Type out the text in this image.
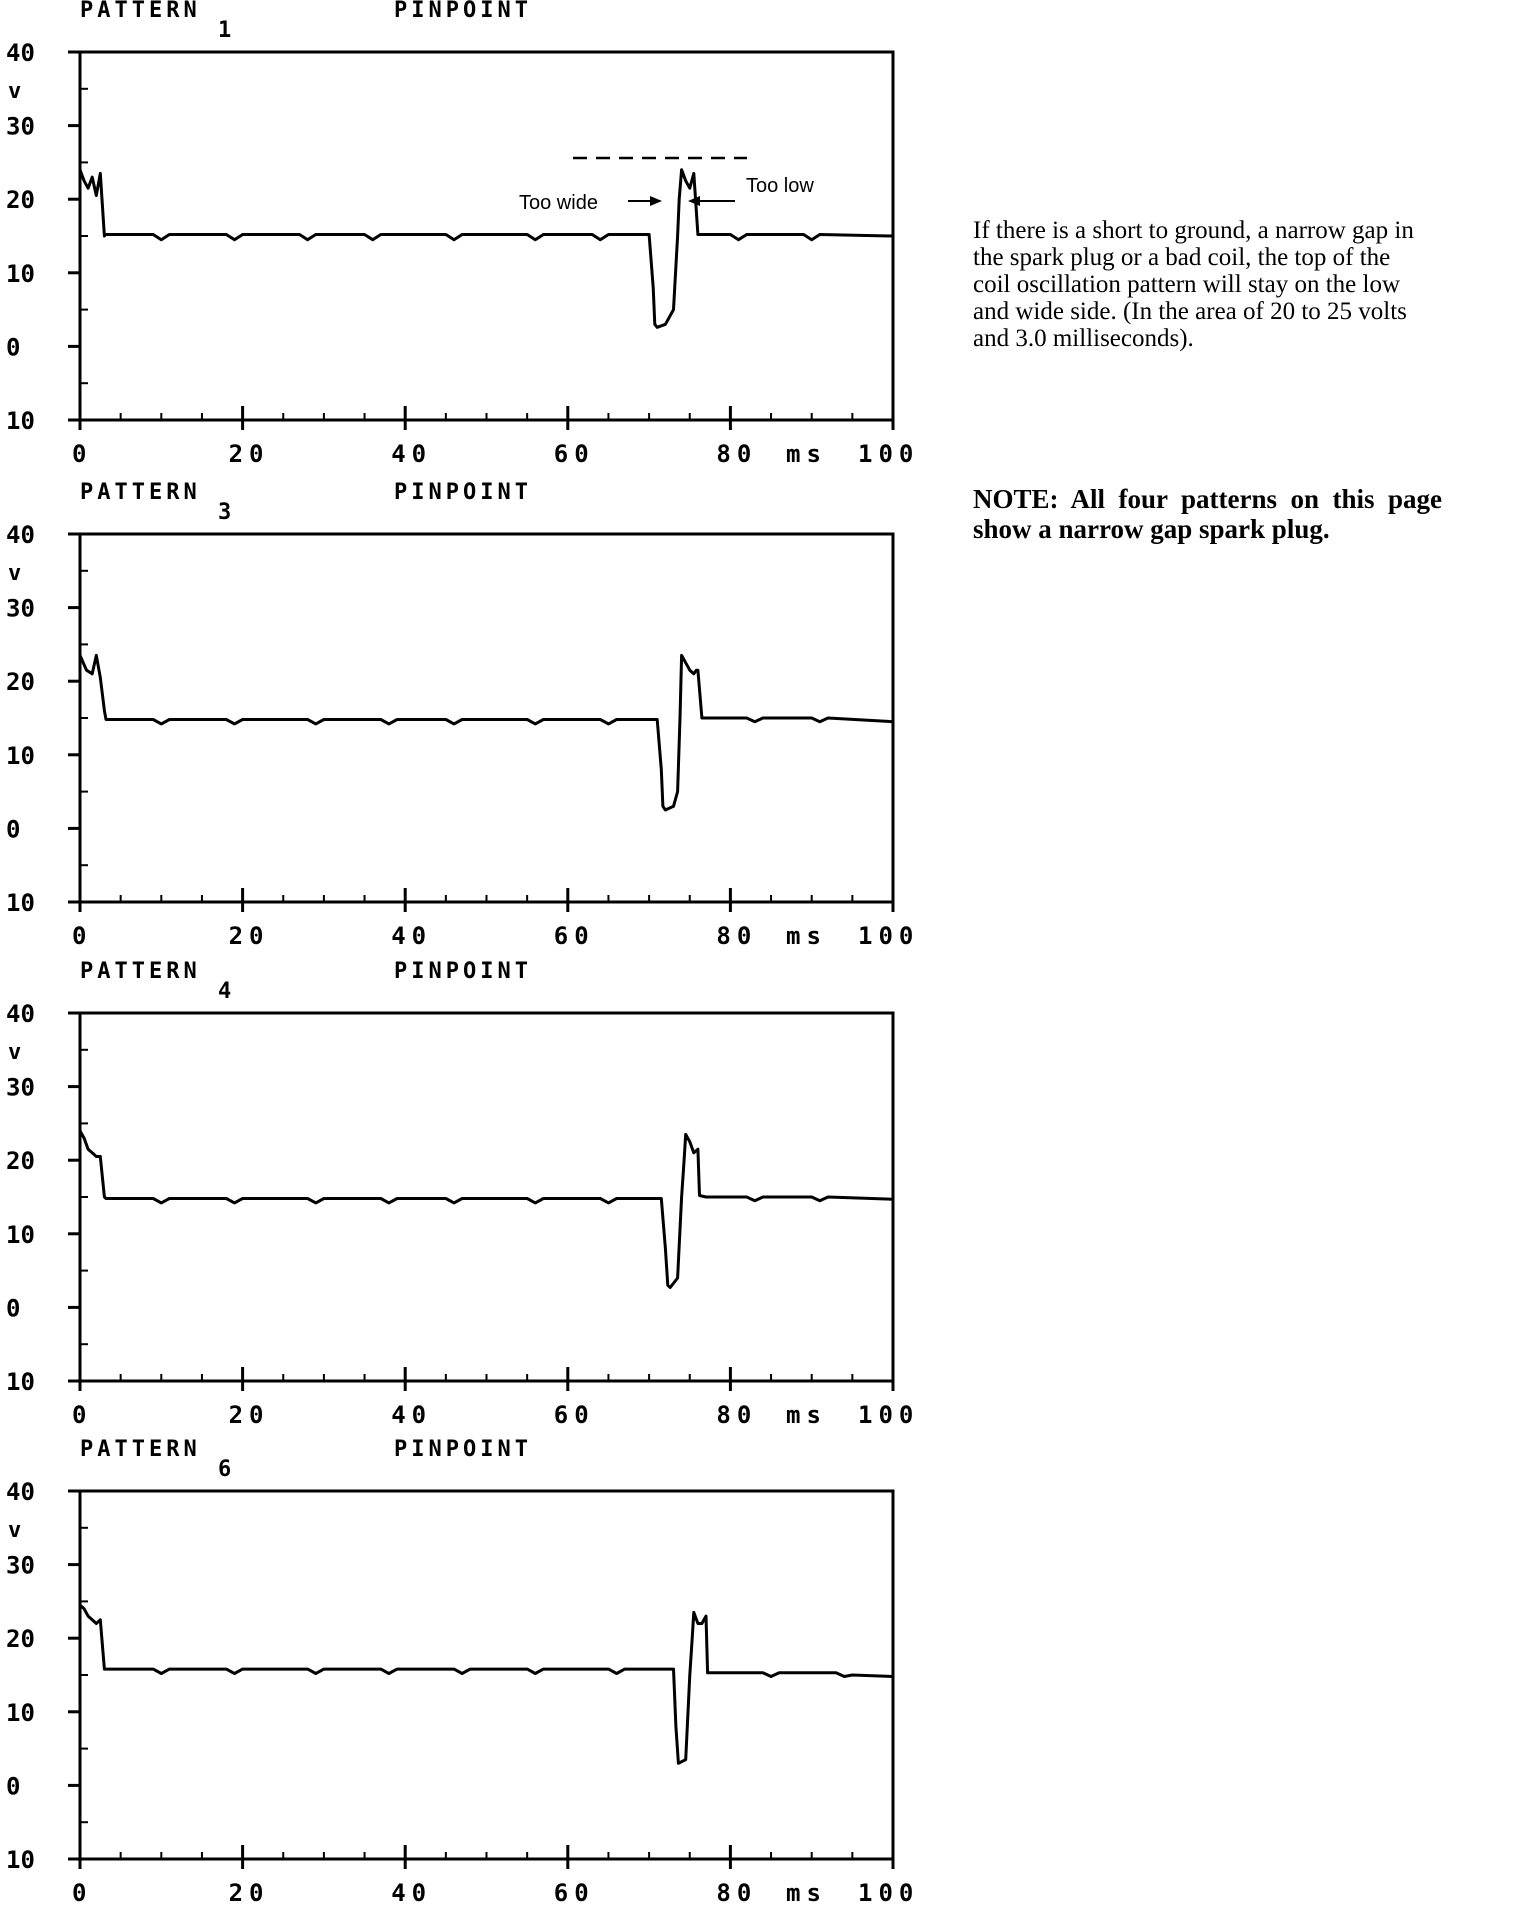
PATTERN
1
PINPOINT
40
30
20
10
0
10
v
0	20	40	60	80	100
ms
Too wide
Too low
PATTERN
3
PINPOINT
40
30
20
10
0
10
v
0	20	40	60	80	100
ms
PATTERN
4
PINPOINT
40
30
20
10
0
10
v
0	20	40	60	80	100
ms
PATTERN
6
PINPOINT
40
30
20
10
0
10
v
0	20	40	60	80	100
ms

If there is a short to ground, a narrow gap in
the spark plug or a bad coil, the top of the
coil oscillation pattern will stay on the low
and wide side. (In the area of 20 to 25 volts
and 3.0 milliseconds).

NOTE:  All  four  patterns  on  this  page
show a narrow gap spark plug.
